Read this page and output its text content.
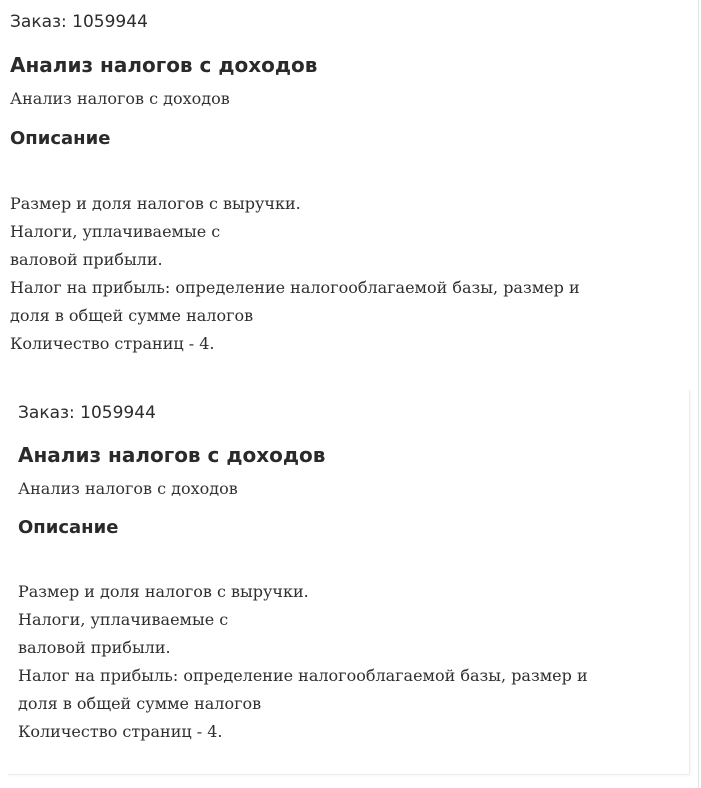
Заказ: 1059944
Анализ налогов с доходов
Анализ налогов с доходов
Описание
Размер и доля налогов с выручки.
Налоги, уплачиваемые с
валовой прибыли.
Налог на прибыль: определение налогооблагаемой базы, размер и
доля в общей сумме налогов
Количество страниц - 4.
Заказ: 1059944
Анализ налогов с доходов
Анализ налогов с доходов
Описание
Размер и доля налогов с выручки.
Налоги, уплачиваемые с
валовой прибыли.
Налог на прибыль: определение налогооблагаемой базы, размер и
доля в общей сумме налогов
Количество страниц - 4.
